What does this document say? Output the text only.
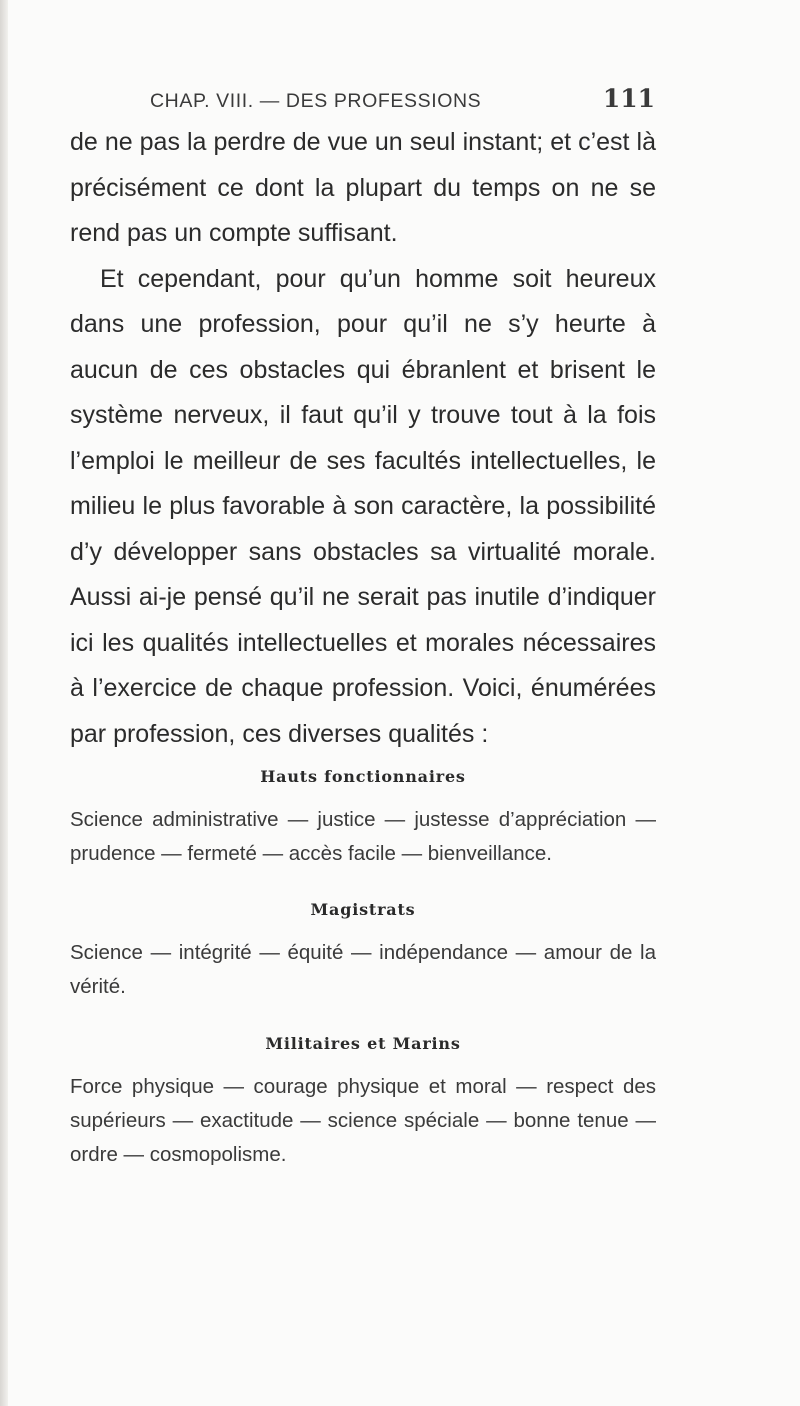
CHAP. VIII. — DES PROFESSIONS	111

de ne pas la perdre de vue un seul instant; et c’est là précisément ce dont la plupart du temps on ne se rend pas un compte suffisant.

Et cependant, pour qu’un homme soit heureux dans une profession, pour qu’il ne s’y heurte à aucun de ces obstacles qui ébranlent et brisent le système nerveux, il faut qu’il y trouve tout à la fois l’emploi le meilleur de ses facultés intellectuelles, le milieu le plus favorable à son caractère, la possibilité d’y développer sans obstacles sa virtualité morale. Aussi ai-je pensé qu’il ne serait pas inutile d’indiquer ici les qualités intellectuelles et morales nécessaires à l’exercice de chaque profession. Voici, énumérées par profession, ces diverses qualités :

Hauts fonctionnaires
Science administrative — justice — justesse d’appréciation — prudence — fermeté — accès facile — bienveillance.
Magistrats
Science — intégrité — équité — indépendance — amour de la vérité.
Militaires et Marins
Force physique — courage physique et moral — respect des supérieurs — exactitude — science spéciale — bonne tenue — ordre — cosmopolisme.
